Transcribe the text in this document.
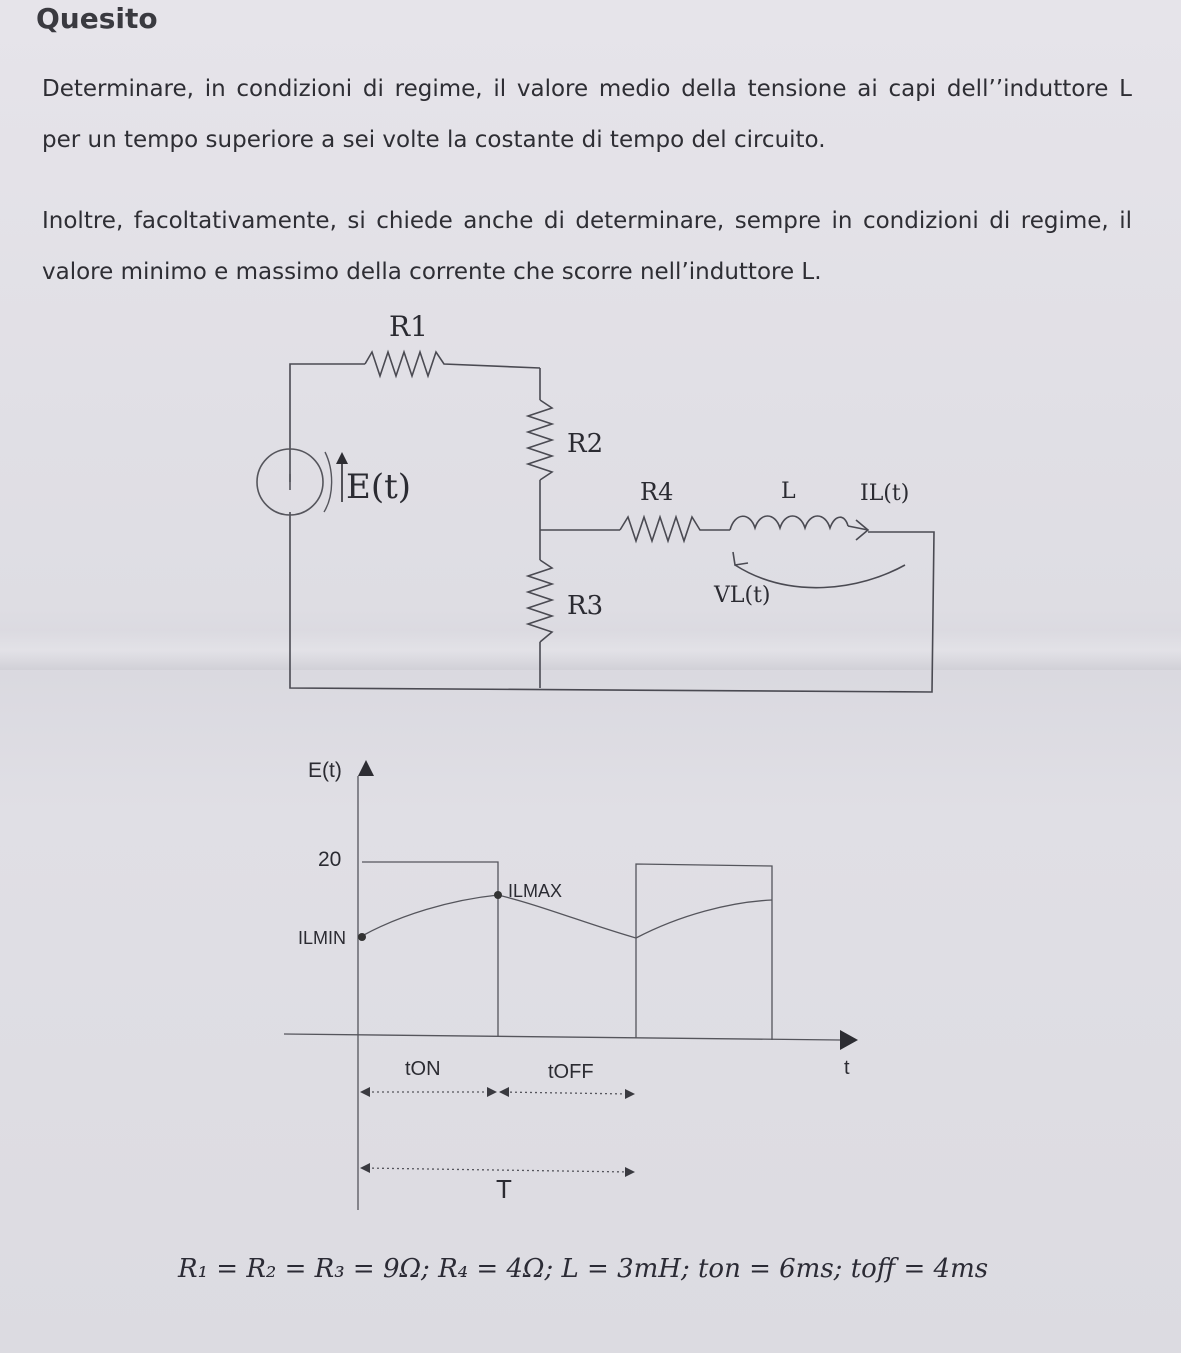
Quesito
Determinare, in condizioni di regime, il valore medio della tensione ai capi dell’’induttore L per un tempo superiore a sei volte la costante di tempo del circuito.
Inoltre, facoltativamente, si chiede anche di determinare, sempre in condizioni di regime, il valore minimo e massimo della corrente che scorre nell’induttore L.
R1
R2
R3
R4	L	IL(t)
VL(t)
E(t)
E(t)
20
ILMIN
ILMAX
tON	tOFF
T
t
R₁ = R₂ = R₃ = 9Ω; R₄ = 4Ω; L = 3mH; ton = 6ms; toff = 4ms
